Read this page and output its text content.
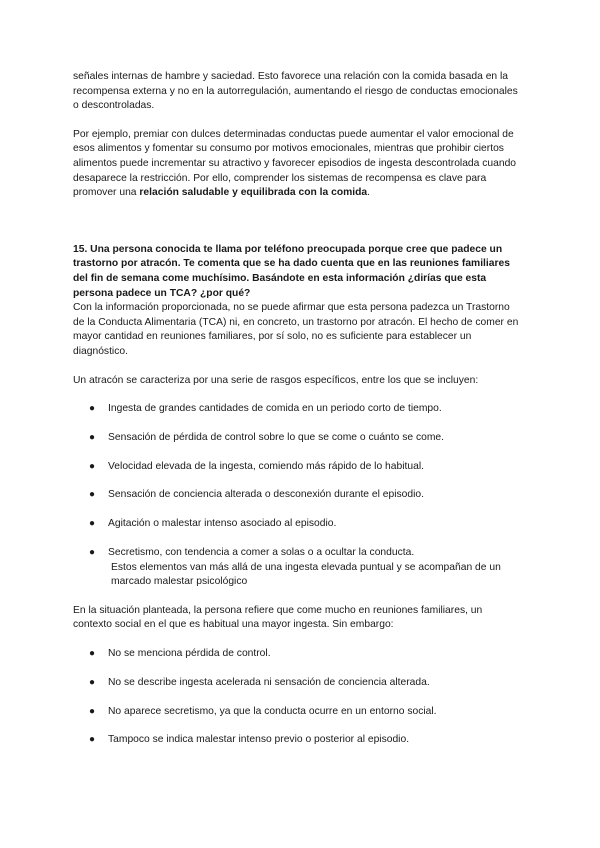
señales internas de hambre y saciedad. Esto favorece una relación con la comida basada en la recompensa externa y no en la autorregulación, aumentando el riesgo de conductas emocionales o descontroladas.

Por ejemplo, premiar con dulces determinadas conductas puede aumentar el valor emocional de esos alimentos y fomentar su consumo por motivos emocionales, mientras que prohibir ciertos alimentos puede incrementar su atractivo y favorecer episodios de ingesta descontrolada cuando desaparece la restricción. Por ello, comprender los sistemas de recompensa es clave para promover una relación saludable y equilibrada con la comida.

15. Una persona conocida te llama por teléfono preocupada porque cree que padece un trastorno por atracón. Te comenta que se ha dado cuenta que en las reuniones familiares del fin de semana come muchísimo. Basándote en esta información ¿dirías que esta persona padece un TCA? ¿por qué?

Con la información proporcionada, no se puede afirmar que esta persona padezca un Trastorno de la Conducta Alimentaria (TCA) ni, en concreto, un trastorno por atracón. El hecho de comer en mayor cantidad en reuniones familiares, por sí solo, no es suficiente para establecer un diagnóstico.

Un atracón se caracteriza por una serie de rasgos específicos, entre los que se incluyen:

● Ingesta de grandes cantidades de comida en un periodo corto de tiempo.
● Sensación de pérdida de control sobre lo que se come o cuánto se come.
● Velocidad elevada de la ingesta, comiendo más rápido de lo habitual.
● Sensación de conciencia alterada o desconexión durante el episodio.
● Agitación o malestar intenso asociado al episodio.
● Secretismo, con tendencia a comer a solas o a ocultar la conducta.
Estos elementos van más allá de una ingesta elevada puntual y se acompañan de un marcado malestar psicológico

En la situación planteada, la persona refiere que come mucho en reuniones familiares, un contexto social en el que es habitual una mayor ingesta. Sin embargo:

● No se menciona pérdida de control.
● No se describe ingesta acelerada ni sensación de conciencia alterada.
● No aparece secretismo, ya que la conducta ocurre en un entorno social.
● Tampoco se indica malestar intenso previo o posterior al episodio.
